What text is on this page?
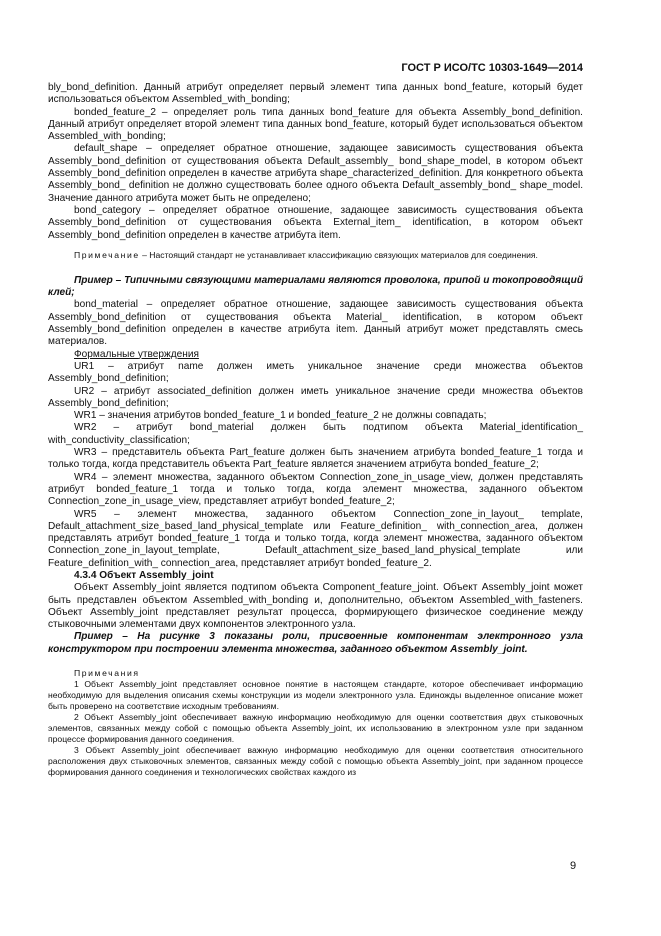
ГОСТ Р ИСО/ТС 10303-1649—2014

bly_bond_definition. Данный атрибут определяет первый элемент типа данных bond_feature, который будет использоваться объектом Assembled_with_bonding;

bonded_feature_2 – определяет роль типа данных bond_feature для объекта Assembly_bond_definition. Данный атрибут определяет второй элемент типа данных bond_feature, который будет использоваться объектом Assembled_with_bonding;

default_shape – определяет обратное отношение, задающее зависимость существования объекта Assembly_bond_definition от существования объекта Default_assembly_ bond_shape_model, в котором объект Assembly_bond_definition определен в качестве атрибута shape_characterized_definition. Для конкретного объекта Assembly_bond_ definition не должно существовать более одного объекта Default_assembly_bond_ shape_model. Значение данного атрибута может быть не определено;

bond_category – определяет обратное отношение, задающее зависимость существования объекта Assembly_bond_definition от существования объекта External_item_ identification, в котором объект Assembly_bond_definition определен в качестве атрибута item.

Примечание – Настоящий стандарт не устанавливает классификацию связующих материалов для соединения.

Пример – Типичными связующими материалами являются проволока, припой и токопроводящий клей;

bond_material – определяет обратное отношение, задающее зависимость существования объекта Assembly_bond_definition от существования объекта Material_ identification, в котором объект Assembly_bond_definition определен в качестве атрибута item. Данный атрибут может представлять смесь материалов.

Формальные утверждения

UR1 – атрибут name должен иметь уникальное значение среди множества объектов Assembly_bond_definition;

UR2 – атрибут associated_definition должен иметь уникальное значение среди множества объектов Assembly_bond_definition;

WR1 – значения атрибутов bonded_feature_1 и bonded_feature_2 не должны совпадать;

WR2 – атрибут bond_material должен быть подтипом объекта Material_identification_ with_conductivity_classification;

WR3 – представитель объекта Part_feature должен быть значением атрибута bonded_feature_1 тогда и только тогда, когда представитель объекта Part_feature является значением атрибута bonded_feature_2;

WR4 – элемент множества, заданного объектом Connection_zone_in_usage_view, должен представлять атрибут bonded_feature_1 тогда и только тогда, когда элемент множества, заданного объектом Connection_zone_in_usage_view, представляет атрибут bonded_feature_2;

WR5 – элемент множества, заданного объектом Connection_zone_in_layout_ template, Default_attachment_size_based_land_physical_template или Feature_definition_ with_connection_area, должен представлять атрибут bonded_feature_1 тогда и только тогда, когда элемент множества, заданного объектом Connection_zone_in_layout_template, Default_attachment_size_based_land_physical_template или Feature_definition_with_ connection_area, представляет атрибут bonded_feature_2.

4.3.4 Объект Assembly_joint

Объект Assembly_joint является подтипом объекта Component_feature_joint. Объект Assembly_joint может быть представлен объектом Assembled_with_bonding и, дополнительно, объектом Assembled_with_fasteners. Объект Assembly_joint представляет результат процесса, формирующего физическое соединение между стыковочными элементами двух компонентов электронного узла.

Пример – На рисунке 3 показаны роли, присвоенные компонентам электронного узла конструктором при построении элемента множества, заданного объектом Assembly_joint.

Примечания

1 Объект Assembly_joint представляет основное понятие в настоящем стандарте, которое обеспечивает информацию необходимую для выделения описания схемы конструкции из модели электронного узла. Единожды выделенное описание может быть проверено на соответствие исходным требованиям.

2 Объект Assembly_joint обеспечивает важную информацию необходимую для оценки соответствия двух стыковочных элементов, связанных между собой с помощью объекта Assembly_joint, их использованию в электронном узле при заданном процессе формирования данного соединения.

3 Объект Assembly_joint обеспечивает важную информацию необходимую для оценки соответствия относительного расположения двух стыковочных элементов, связанных между собой с помощью объекта Assembly_joint, при заданном процессе формирования данного соединения и технологических свойствах каждого из

9
